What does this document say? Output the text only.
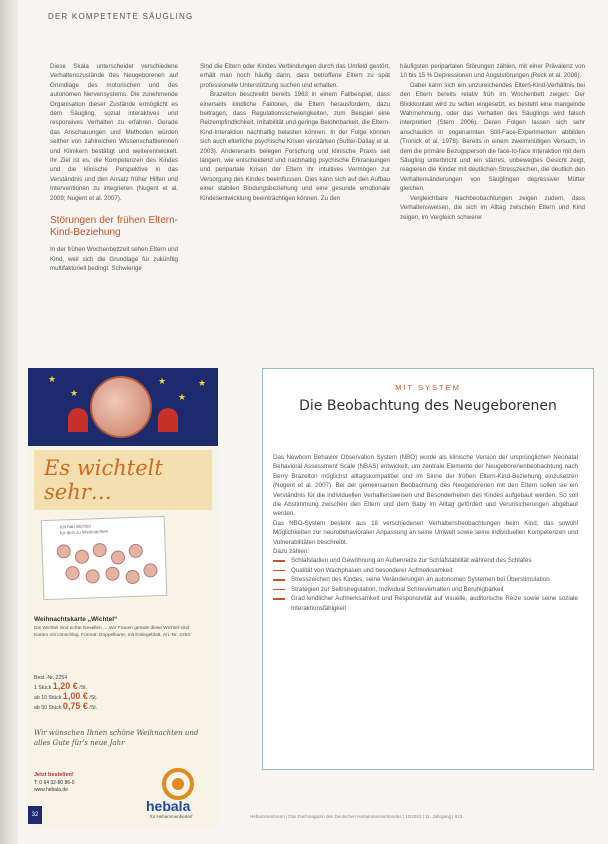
DER KOMPETENTE SÄUGLING

Diese Skala unterscheidet verschiedene Verhaltenszustände des Neugeborenen auf Grundlage des motorischen und des autonomen Nervensystems. Die zunehmende Organisation dieser Zustände ermöglicht es dem Säugling, sozial interaktives und responsives Verhalten zu erfahren. Gerade das Anschauungen und Methoden würden seither von zahlreichen Wissenschaftlerinnen und Klinikern bestätigt und weiterentwickelt. Ihr Ziel ist es, die Kompetenzen des Kindes und die klinische Perspektive in das Verständnis und den Ansatz früher Hilfen und Interventionen zu integrieren (Nugent et al. 2009; Nugent et al. 2007).

Störungen der frühen Eltern-Kind-Beziehung

In der frühen Wochenbettzeit sehen Eltern und Kind, weil sich die Grundlage für zukünftig multifaktoriell bedingt. Schwierige

Sind die Eltern oder Kindes Verbindungen durch das Umfeld gestört, erhält man noch häufig dann, dass betroffene Eltern zu spät professionelle Unterstützung suchen und erhalten.

Brazelton beschreibt bereits 1963 in einem Fallbeispiel, dass einerseits kindliche Faktoren, die Eltern herausfordern, dazu beitragen, dass Regulationsschwierigkeiten, zum Beispiel eine Reizempfindlichkeit, Irritabilität und geringe Belohnbarkeit, die Eltern-Kind-Interaktion nachhaltig belasten können. In der Folge können sich auch elterliche psychische Krisen verstärken (Sutter-Dallay et al. 2003). Andererseits belegen Forschung und klinische Praxis seit langem, wie entscheidend und nachhaltig psychische Erkrankungen und peripartale Krisen der Eltern ihr intuitives Vermögen zur Versorgung des Kindes beeinflussen. Dies kann sich auf den Aufbau einer stabilen Bindungsbeziehung und eine gesunde emotionale Kindesentwicklung beeinträchtigen können. Zu den

häufigsten peripartalen Störungen zählen, mit einer Prävalenz von 10 bis 15 % Depressionen und Angststörungen (Reck et al. 2008).

Dabei kann sich ein unzureichendes Eltern-Kind-Verhältnis bei den Eltern bereits relativ früh im Wochenbett zeigen: Der Blickkontakt wird zu selten eingesetzt, es besteht eine mangelnde Wahrnehmung, oder das Verhalten des Säuglings wird falsch interpretiert (Stern 2006). Deren Folgen lassen sich sehr anschaulich in sogenannten Still-Face-Experimenten abbilden (Tronick et al. 1978). Bereits in einem zweiminütigen Versuch, in dem die primäre Bezugsperson die face-to-face Interaktion mit dem Säugling unterbricht und ein starres, unbewegtes Gesicht zeigt, reagieren die Kinder mit deutlichen Stresszeichen, die deutlich den Verhaltensänderungen von Säuglingen depressiver Mütter gleichen.

Vergleichbare Nachbeobachtungen zeigen zudem, dass Verhaltensweisen, die sich im Alltag zwischen Eltern und Kind zeigen, im Vergleich schwerer

★
★
★
★
★
Es wichtelt sehr…
Ich hab Wichtel
für dich zu Weihnachten
Weihnachtskarte „Wichtel“
Die Wichtel sind echte Gesellen … Wir Frauen gerade diese Wichtel sind Karten mit Umschlag. Format: Doppelkarte, mit Einlegeblatt, Art.-Nr. 2254
Best.-Nr. 2254
1 Stück 1,20 € /St.
ab 10 Stück 1,00 € /St.
ab 50 Stück 0,75 € /St.
Wir wünschen Ihnen schöne Weihnachten und alles Gute für's neue Jahr
Jetzt bestellen!
T: 0 64 32-80 86-0
www.hebala.de
hebala
für Hebammenbedarf
MIT SYSTEM
Die Beobachtung des Neugeborenen

Das Newborn Behavior Observation System (NBO) wurde als klinische Version der ursprünglichen Neonatal Behavioral Assessment Scale (NBAS) entwickelt, um zentrale Elemente der Neugeborenenbeobachtung nach Berry Brazelton möglichst alltagskompatibel und im Sinne der frühen Eltern-Kind-Beziehung einzusetzen (Nugent et al. 2007). Bei der gemeinsamen Beobachtung des Neugeborenen mit den Eltern sollen sie ein Verständnis für die individuellen Verhaltensweisen und Besonderheiten des Kindes aufgebaut werden. So soll die Abstimmung zwischen den Eltern und dem Baby im Alltag gefördert und Verunsicherungen abgebaut werden.

Das NBO-System besteht aus 18 verschiedenen Verhaltensbeobachtungen beim Kind, das sowohl Möglichkeiten zur neurobehavioralen Anpassung an seine Umwelt sowie seine individuellen Kompetenzen und Vulnerabilitäten beschreibt.

Dazu zählen:

Schlafstadien und Gewöhnung an Außenreize zur Schlafstabilität während des Schlafes
Qualität von Wachphasen und besonderer Aufmerksamkeit
Stresszeichen des Kindes, seine Veränderungen an autonomen Systemen bei Überstimulation
Strategien zur Selbstregulation, Individual Schreiverhalten und Beruhigbarkeit
Grad kindlicher Aufmerksamkeit und Responsivität auf visuelle, auditorische Reize sowie seine soziale Interaktionsfähigkeit
32	Hebammenforum | Das Fachmagazin des Deutschen Hebammenverbandes | 12/2010 | 11. Jahrgang | 913
